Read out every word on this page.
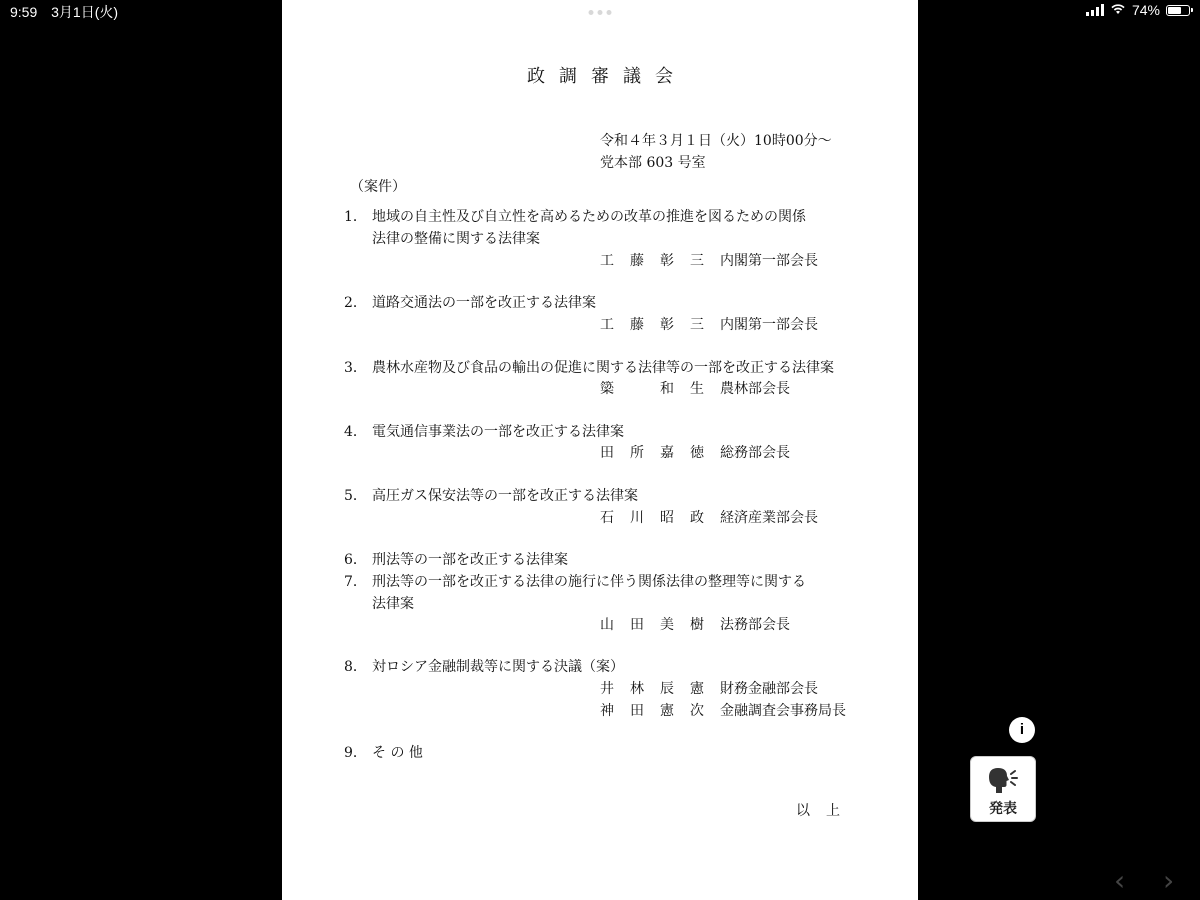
9:59 3月1日(火)	74%
政調審議会
令和４年３月１日（火）10時00分〜
党本部 603 号室
（案件）
1． 地域の自主性及び自立性を高めるための改革の推進を図るための関係
法律の整備に関する法律案
工 藤 彰 三 内閣第一部会長
2． 道路交通法の一部を改正する法律案
工 藤 彰 三 内閣第一部会長
3． 農林水産物及び食品の輸出の促進に関する法律等の一部を改正する法律案
簗	和 生 農林部会長
4． 電気通信事業法の一部を改正する法律案
田 所 嘉 徳 総務部会長
5． 高圧ガス保安法等の一部を改正する法律案
石 川 昭 政 経済産業部会長
6． 刑法等の一部を改正する法律案
7． 刑法等の一部を改正する法律の施行に伴う関係法律の整理等に関する
法律案
山 田 美 樹 法務部会長
8． 対ロシア金融制裁等に関する決議（案）
井 林 辰 憲 財務金融部会長
神 田 憲 次 金融調査会事務局長
9． そ の 他
以上
i
発表
‹ ›
